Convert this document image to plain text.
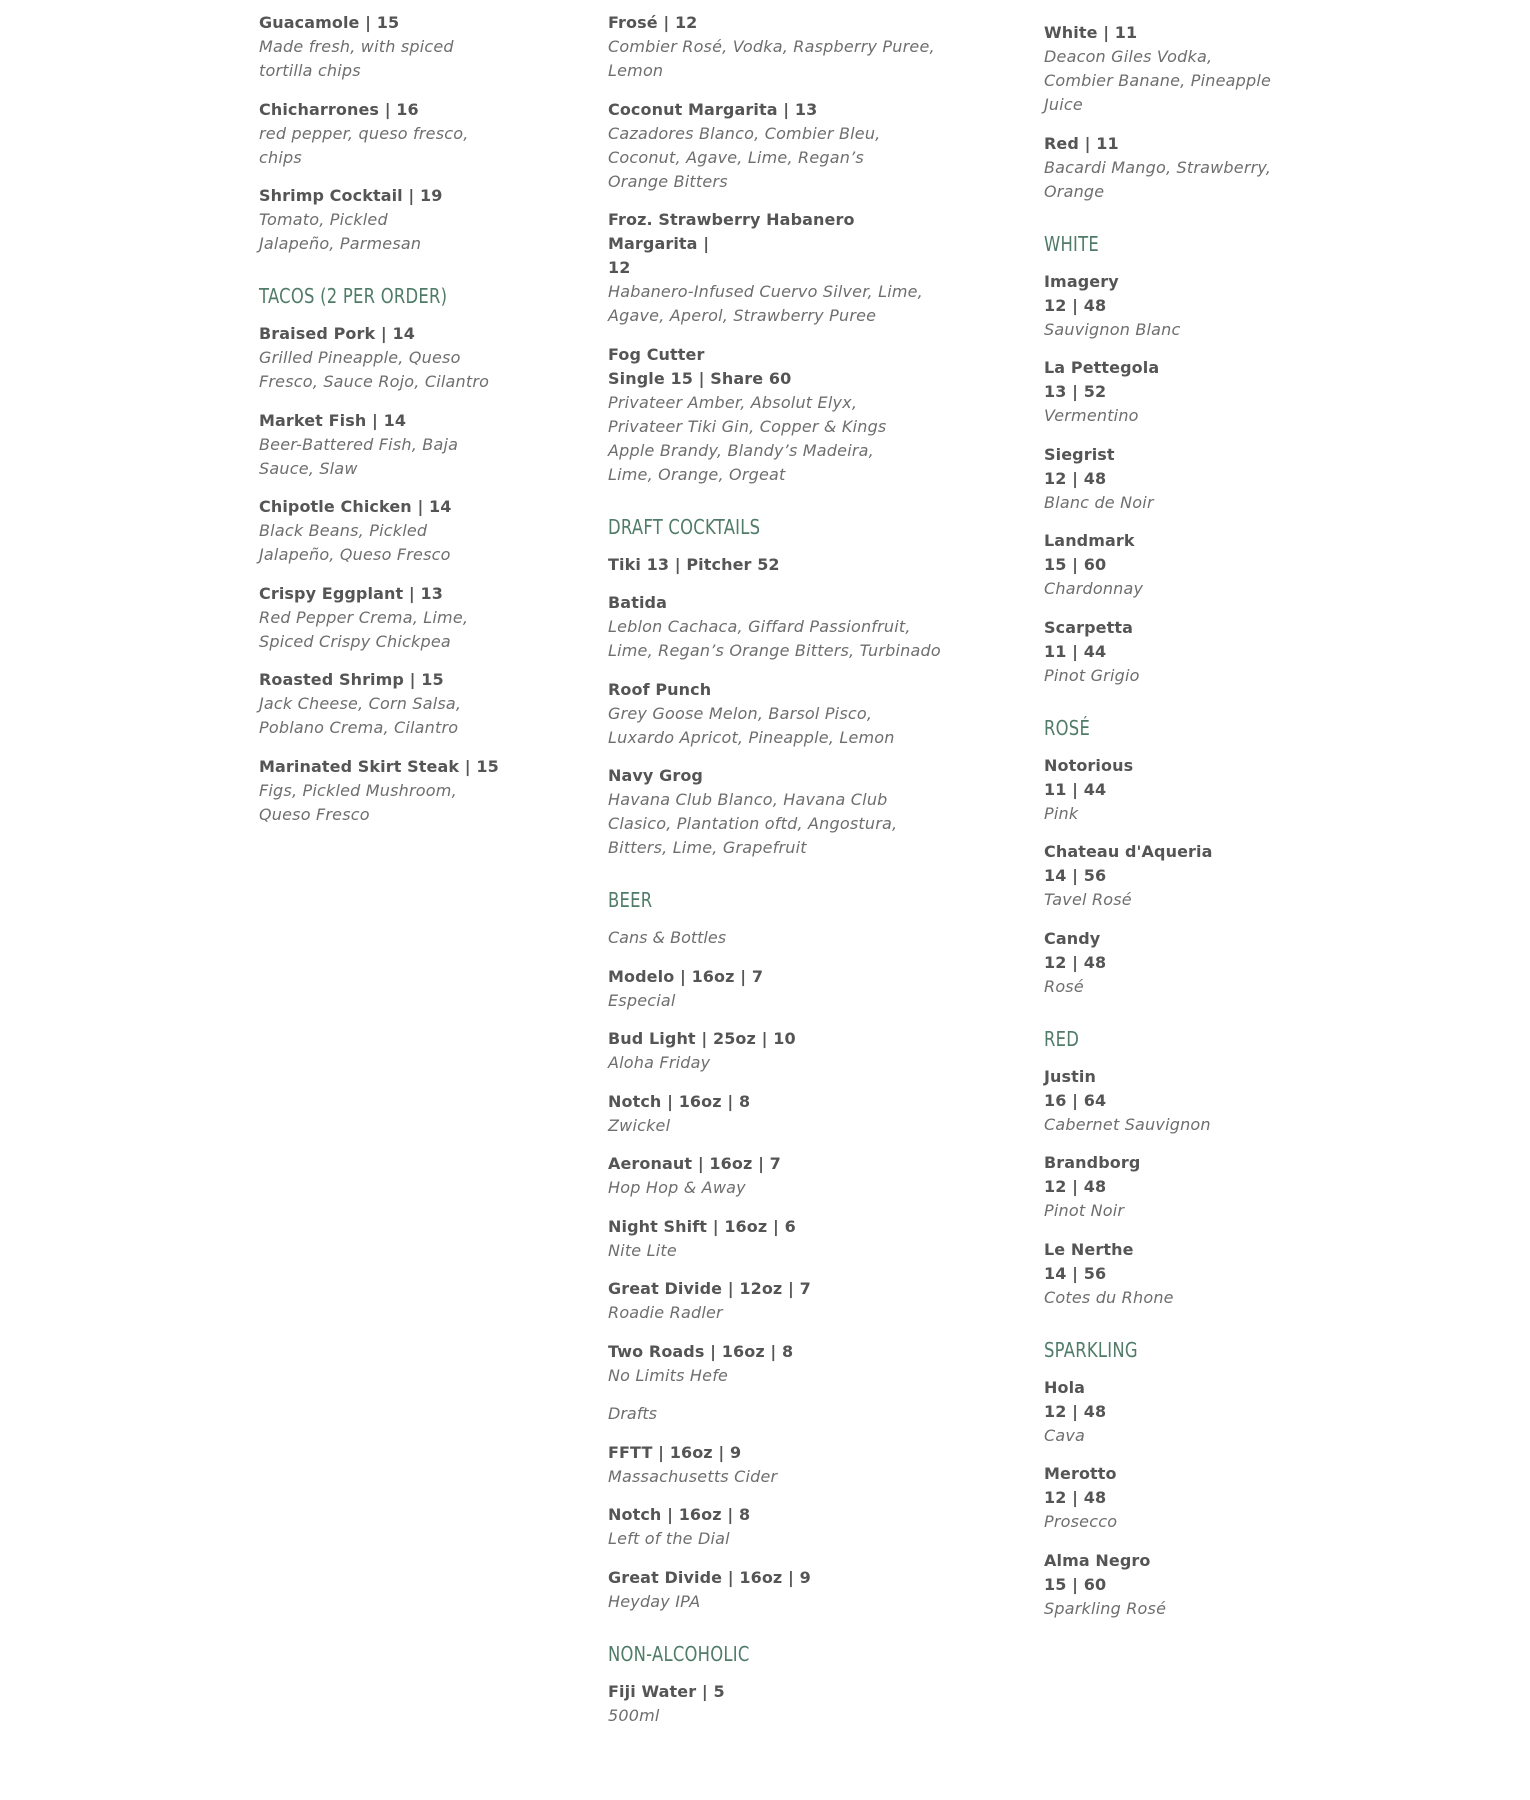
Guacamole | 15
Made fresh, with spiced
tortilla chips
Chicharrones | 16
red pepper, queso fresco,
chips
Shrimp Cocktail | 19
Tomato, Pickled
Jalapeño, Parmesan
TACOS (2 PER ORDER)
Braised Pork | 14
Grilled Pineapple, Queso
Fresco, Sauce Rojo, Cilantro
Market Fish | 14
Beer-Battered Fish, Baja
Sauce, Slaw
Chipotle Chicken | 14
Black Beans, Pickled
Jalapeño, Queso Fresco
Crispy Eggplant | 13
Red Pepper Crema, Lime,
Spiced Crispy Chickpea
Roasted Shrimp | 15
Jack Cheese, Corn Salsa,
Poblano Crema, Cilantro
Marinated Skirt Steak | 15
Figs, Pickled Mushroom,
Queso Fresco
Frosé | 12
Combier Rosé, Vodka, Raspberry Puree,
Lemon
Coconut Margarita | 13
Cazadores Blanco, Combier Bleu,
Coconut, Agave, Lime, Regan’s
Orange Bitters
Froz. Strawberry Habanero Margarita |
12
Habanero-Infused Cuervo Silver, Lime,
Agave, Aperol, Strawberry Puree
Fog Cutter
Single 15 | Share 60
Privateer Amber, Absolut Elyx,
Privateer Tiki Gin, Copper & Kings
Apple Brandy, Blandy’s Madeira,
Lime, Orange, Orgeat
DRAFT COCKTAILS
Tiki 13 | Pitcher 52
Batida
Leblon Cachaca, Giffard Passionfruit,
Lime, Regan’s Orange Bitters, Turbinado
Roof Punch
Grey Goose Melon, Barsol Pisco,
Luxardo Apricot, Pineapple, Lemon
Navy Grog
Havana Club Blanco, Havana Club
Clasico, Plantation oftd, Angostura,
Bitters, Lime, Grapefruit
BEER
Cans & Bottles
Modelo | 16oz | 7
Especial
Bud Light | 25oz | 10
Aloha Friday
Notch | 16oz | 8
Zwickel
Aeronaut | 16oz | 7
Hop Hop & Away
Night Shift | 16oz | 6
Nite Lite
Great Divide | 12oz | 7
Roadie Radler
Two Roads | 16oz | 8
No Limits Hefe
Drafts
FFTT | 16oz | 9
Massachusetts Cider
Notch | 16oz | 8
Left of the Dial
Great Divide | 16oz | 9
Heyday IPA
NON-ALCOHOLIC
Fiji Water | 5
500ml
White | 11
Deacon Giles Vodka,
Combier Banane, Pineapple
Juice
Red | 11
Bacardi Mango, Strawberry,
Orange
WHITE
Imagery
12 | 48
Sauvignon Blanc
La Pettegola
13 | 52
Vermentino
Siegrist
12 | 48
Blanc de Noir
Landmark
15 | 60
Chardonnay
Scarpetta
11 | 44
Pinot Grigio
ROSÉ
Notorious
11 | 44
Pink
Chateau d'Aqueria
14 | 56
Tavel Rosé
Candy
12 | 48
Rosé
RED
Justin
16 | 64
Cabernet Sauvignon
Brandborg
12 | 48
Pinot Noir
Le Nerthe
14 | 56
Cotes du Rhone
SPARKLING
Hola
12 | 48
Cava
Merotto
12 | 48
Prosecco
Alma Negro
15 | 60
Sparkling Rosé
